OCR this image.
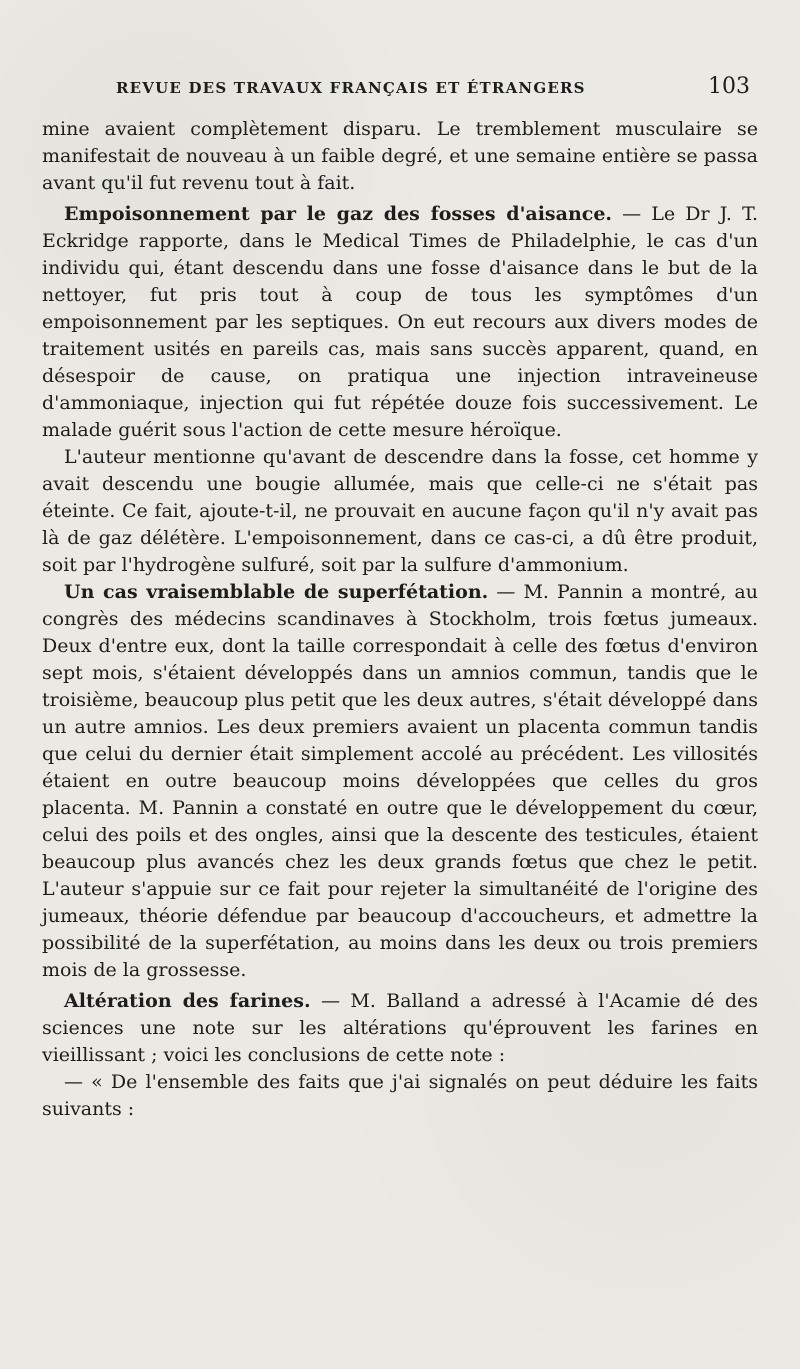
REVUE DES TRAVAUX FRANÇAIS ET ÉTRANGERS	103

mine avaient complètement disparu. Le tremblement musculaire se manifestait de nouveau à un faible degré, et une semaine entière se passa avant qu'il fut revenu tout à fait.

Empoisonnement par le gaz des fosses d'aisance. — Le Dr J. T. Eckridge rapporte, dans le Medical Times de Philadelphie, le cas d'un individu qui, étant descendu dans une fosse d'aisance dans le but de la nettoyer, fut pris tout à coup de tous les symptômes d'un empoisonnement par les septiques. On eut recours aux divers modes de traitement usités en pareils cas, mais sans succès apparent, quand, en désespoir de cause, on pratiqua une injection intraveineuse d'ammoniaque, injection qui fut répétée douze fois successivement. Le malade guérit sous l'action de cette mesure héroïque.

L'auteur mentionne qu'avant de descendre dans la fosse, cet homme y avait descendu une bougie allumée, mais que celle-ci ne s'était pas éteinte. Ce fait, ajoute-t-il, ne prouvait en aucune façon qu'il n'y avait pas là de gaz délétère. L'empoisonnement, dans ce cas-ci, a dû être produit, soit par l'hydrogène sulfuré, soit par la sulfure d'ammonium.

Un cas vraisemblable de superfétation. — M. Pannin a montré, au congrès des médecins scandinaves à Stockholm, trois fœtus jumeaux. Deux d'entre eux, dont la taille correspondait à celle des fœtus d'environ sept mois, s'étaient développés dans un amnios commun, tandis que le troisième, beaucoup plus petit que les deux autres, s'était développé dans un autre amnios. Les deux premiers avaient un placenta commun tandis que celui du dernier était simplement accolé au précédent. Les villosités étaient en outre beaucoup moins développées que celles du gros placenta. M. Pannin a constaté en outre que le développement du cœur, celui des poils et des ongles, ainsi que la descente des testicules, étaient beaucoup plus avancés chez les deux grands fœtus que chez le petit. L'auteur s'appuie sur ce fait pour rejeter la simultanéité de l'origine des jumeaux, théorie défendue par beaucoup d'accoucheurs, et admettre la possibilité de la superfétation, au moins dans les deux ou trois premiers mois de la grossesse.

Altération des farines. — M. Balland a adressé à l'Acamie dé des sciences une note sur les altérations qu'éprouvent les farines en vieillissant ; voici les conclusions de cette note :

— « De l'ensemble des faits que j'ai signalés on peut déduire les faits suivants :
